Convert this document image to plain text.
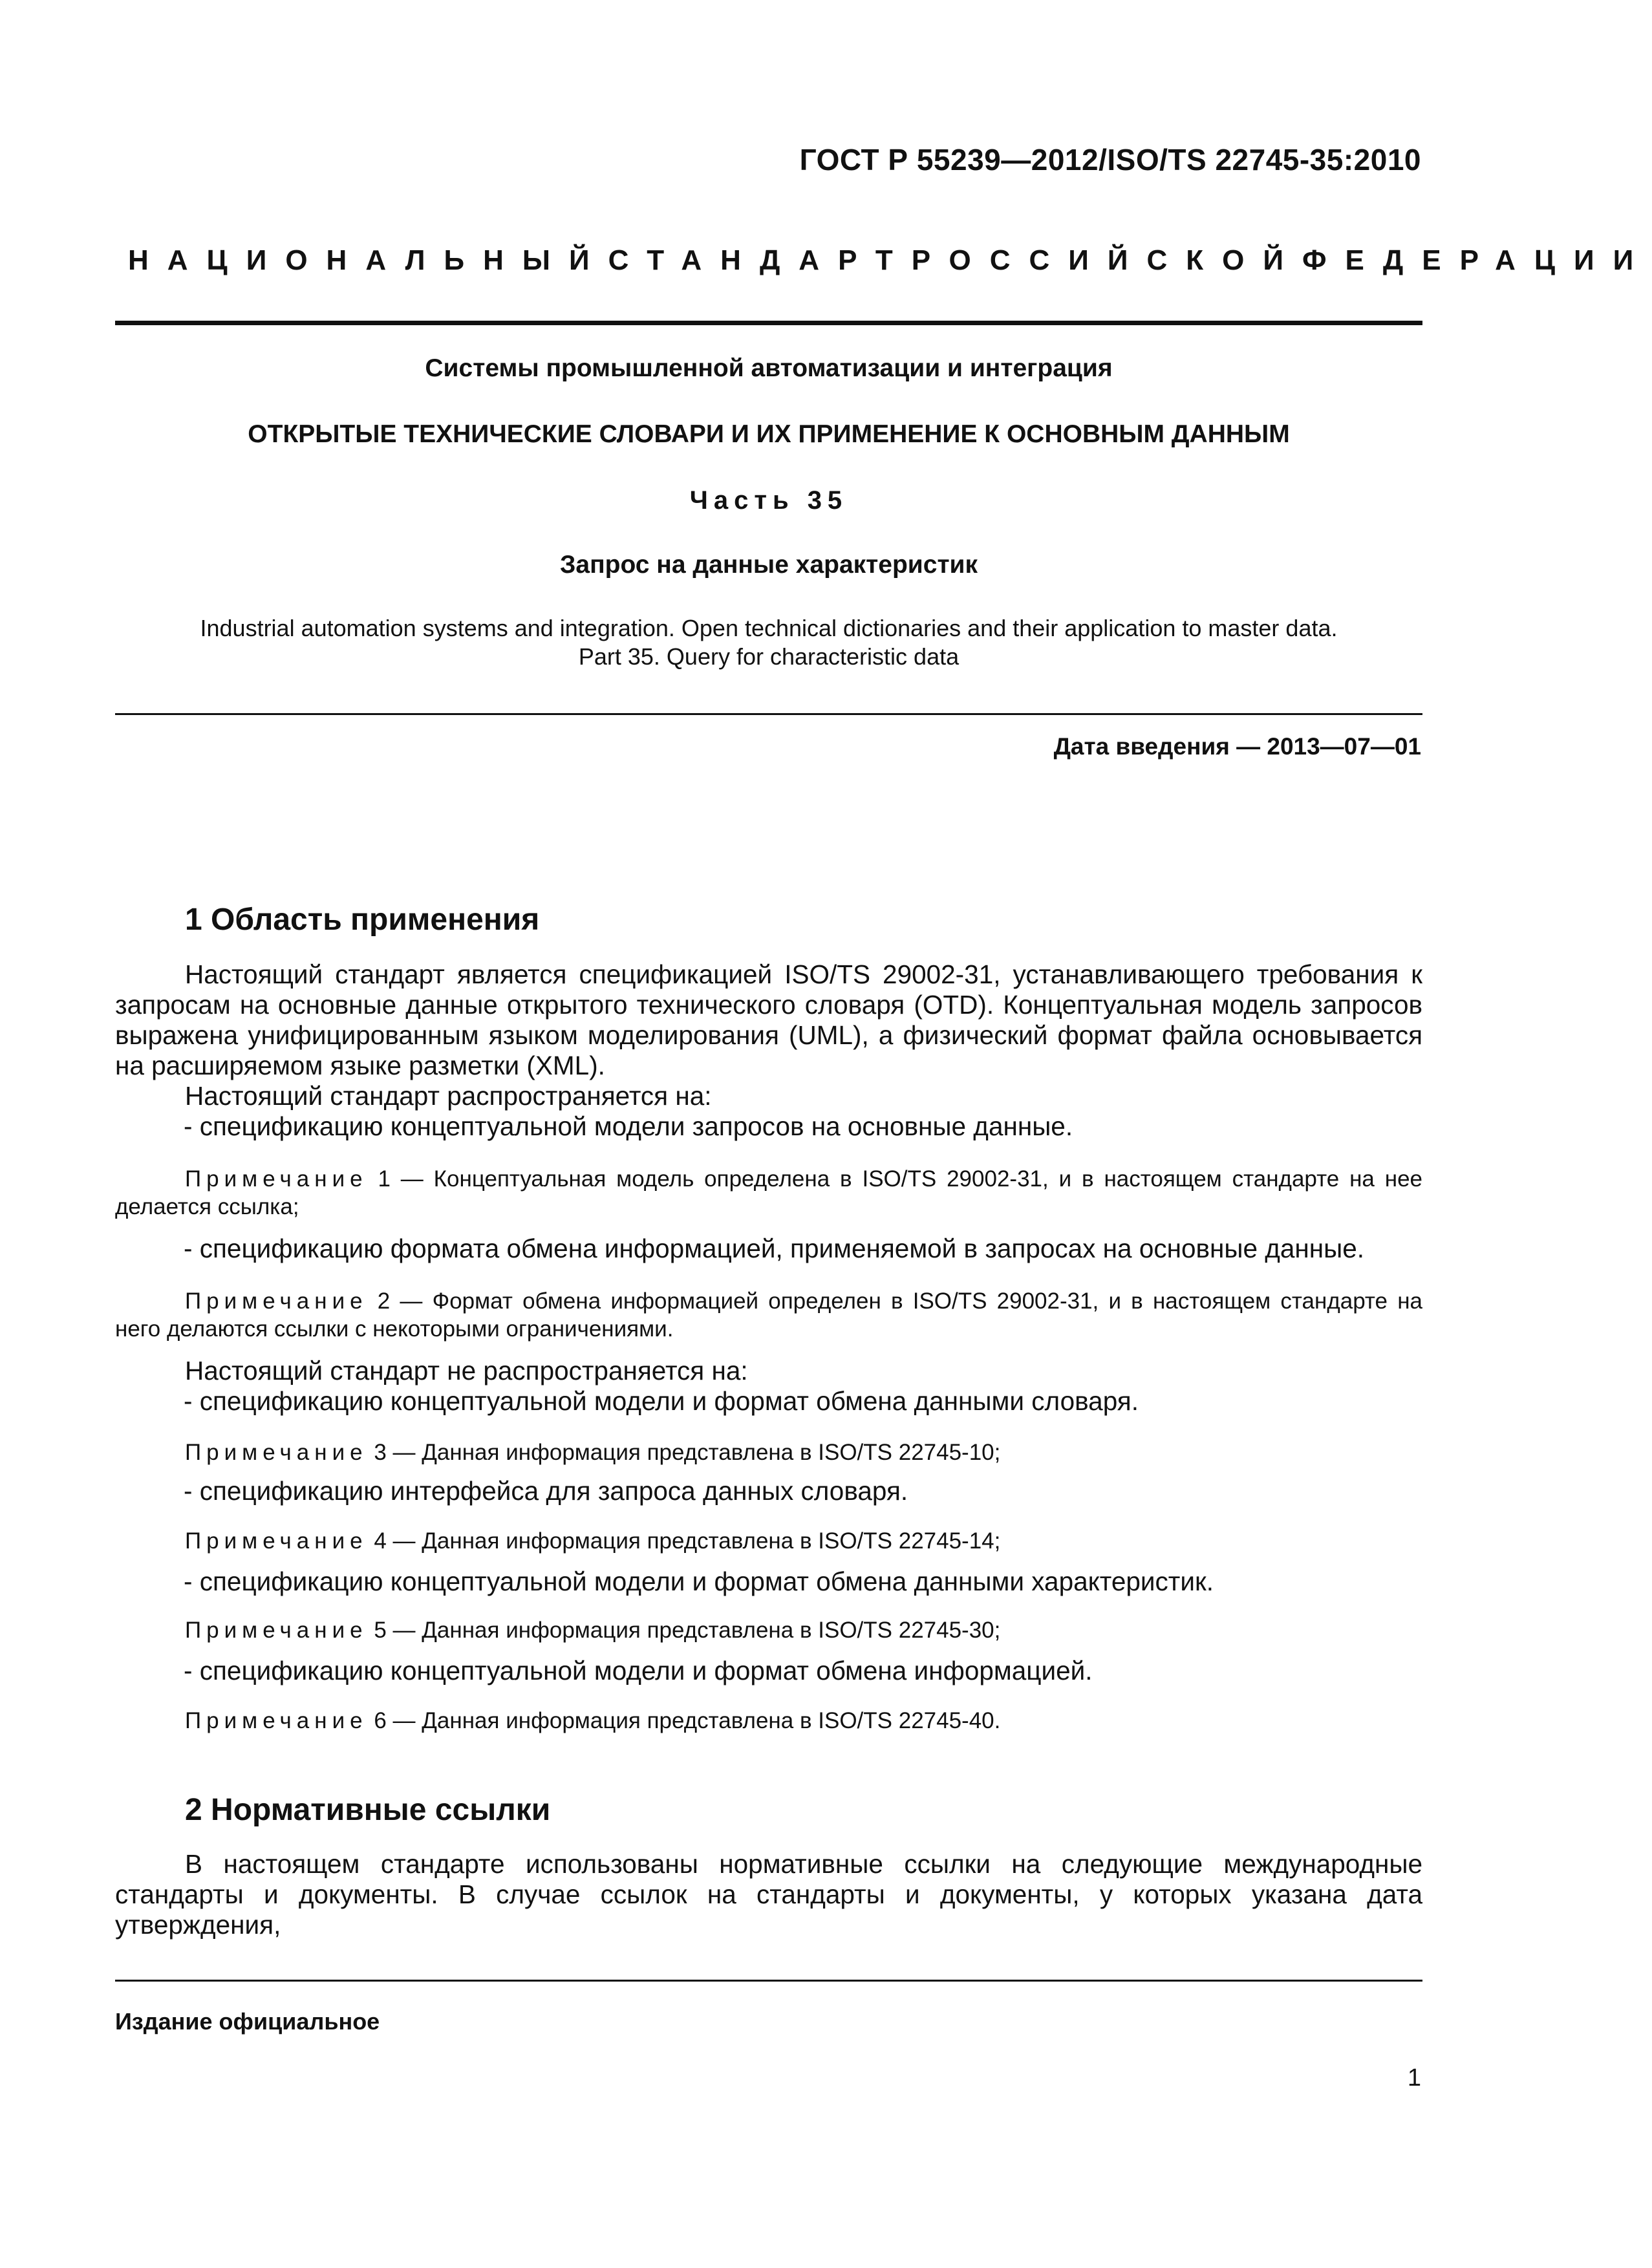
ГОСТ Р 55239—2012/ISO/TS 22745-35:2010
НАЦИОНАЛЬНЫЙ СТАНДАРТ РОССИЙСКОЙ ФЕДЕРАЦИИ
Системы промышленной автоматизации и интеграция
ОТКРЫТЫЕ ТЕХНИЧЕСКИЕ СЛОВАРИ И ИХ ПРИМЕНЕНИЕ К ОСНОВНЫМ ДАННЫМ
Часть 35
Запрос на данные характеристик
Industrial automation systems and integration. Open technical dictionaries and their application to master data.
Part 35. Query for characteristic data
Дата введения — 2013—07—01
1 Область применения
Настоящий стандарт является спецификацией ISO/TS 29002-31, устанавливающего требования к запросам на основные данные открытого технического словаря (OTD). Концептуальная модель запросов выражена унифицированным языком моделирования (UML), а физический формат файла основывается на расширяемом языке разметки (XML).
Настоящий стандарт распространяется на:
- спецификацию концептуальной модели запросов на основные данные.
Примечание 1 — Концептуальная модель определена в ISO/TS 29002-31, и в настоящем стандарте на нее делается ссылка;
- спецификацию формата обмена информацией, применяемой в запросах на основные данные.
Примечание 2 — Формат обмена информацией определен в ISO/TS 29002-31, и в настоящем стандарте на него делаются ссылки с некоторыми ограничениями.
Настоящий стандарт не распространяется на:
- спецификацию концептуальной модели и формат обмена данными словаря.
Примечание 3 — Данная информация представлена в ISO/TS 22745-10;
- спецификацию интерфейса для запроса данных словаря.
Примечание 4 — Данная информация представлена в ISO/TS 22745-14;
- спецификацию концептуальной модели и формат обмена данными характеристик.
Примечание 5 — Данная информация представлена в ISO/TS 22745-30;
- спецификацию концептуальной модели и формат обмена информацией.
Примечание 6 — Данная информация представлена в ISO/TS 22745-40.
2 Нормативные ссылки
В настоящем стандарте использованы нормативные ссылки на следующие международные стандарты и документы. В случае ссылок на стандарты и документы, у которых указана дата утверждения,
Издание официальное
1
